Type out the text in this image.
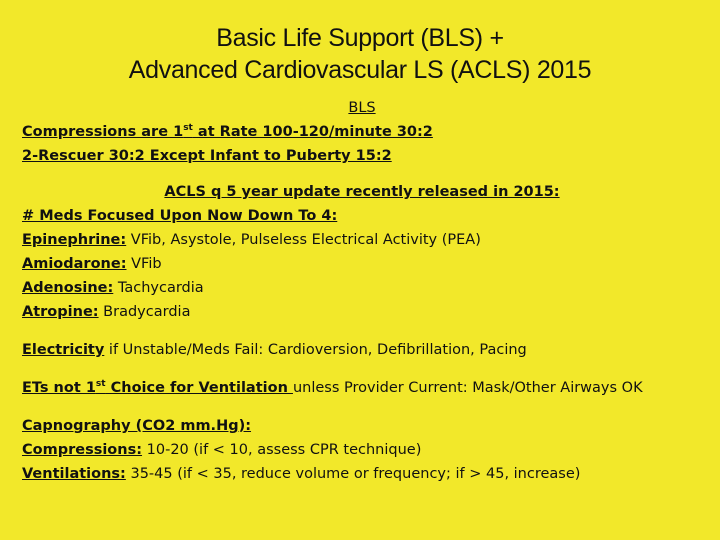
Basic Life Support (BLS) +
Advanced Cardiovascular LS (ACLS) 2015
BLS
Compressions are 1st at Rate 100-120/minute 30:2
2-Rescuer 30:2 Except Infant to Puberty 15:2
ACLS q 5 year update recently released in 2015:
# Meds Focused Upon Now Down To 4:
Epinephrine: VFib, Asystole, Pulseless Electrical Activity (PEA)
Amiodarone: VFib
Adenosine: Tachycardia
Atropine: Bradycardia
Electricity if Unstable/Meds Fail: Cardioversion, Defibrillation, Pacing
ETs not 1st Choice for Ventilation unless Provider Current: Mask/Other Airways OK
Capnography (CO2 mm.Hg):
Compressions: 10-20 (if < 10, assess CPR technique)
Ventilations: 35-45 (if < 35, reduce volume or frequency; if > 45, increase)
